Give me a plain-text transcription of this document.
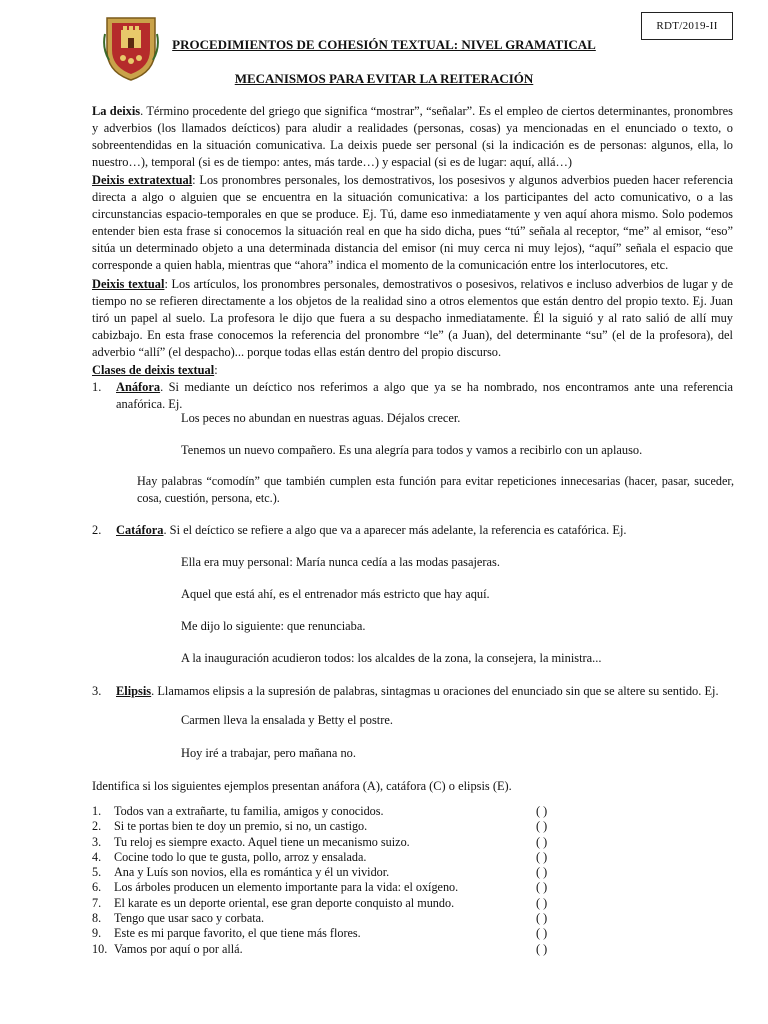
RDT/2019-II
PROCEDIMIENTOS DE COHESIÓN TEXTUAL: NIVEL GRAMATICAL
MECANISMOS PARA EVITAR LA REITERACIÓN
La deixis. Término procedente del griego que significa “mostrar”, “señalar”. Es el empleo de ciertos determinantes, pronombres y adverbios (los llamados deícticos) para aludir a realidades (personas, cosas) ya mencionadas en el enunciado o texto, o sobreentendidas en la situación comunicativa. La deixis puede ser personal (si la indicación es de personas: algunos, ella, lo nuestro…), temporal (si es de tiempo: antes, más tarde…) y espacial (si es de lugar: aquí, allá…)
Deixis extratextual: Los pronombres personales, los demostrativos, los posesivos y algunos adverbios pueden hacer referencia directa a algo o alguien que se encuentra en la situación comunicativa: a los participantes del acto comunicativo, o a las circunstancias espacio-temporales en que se produce. Ej. Tú, dame eso inmediatamente y ven aquí ahora mismo. Solo podemos entender bien esta frase si conocemos la situación real en que ha sido dicha, pues “tú” señala al receptor, “me” al emisor, “eso” sitúa un determinado objeto a una determinada distancia del emisor (ni muy cerca ni muy lejos), “aquí” señala el espacio que corresponde a quien habla, mientras que “ahora” indica el momento de la comunicación entre los interlocutores, etc.
Deixis textual: Los artículos, los pronombres personales, demostrativos o posesivos, relativos e incluso adverbios de lugar y de tiempo no se refieren directamente a los objetos de la realidad sino a otros elementos que están dentro del propio texto. Ej. Juan tiró un papel al suelo. La profesora le dijo que fuera a su despacho inmediatamente. Él la siguió y al rato salió de allí muy cabizbajo. En esta frase conocemos la referencia del pronombre “le” (a Juan), del determinante “su” (el de la profesora), del adverbio “allí” (el despacho)... porque todas ellas están dentro del propio discurso.
Clases de deixis textual:
1. Anáfora. Si mediante un deíctico nos referimos a algo que ya se ha nombrado, nos encontramos ante una referencia anafórica. Ej.
Los peces no abundan en nuestras aguas. Déjalos crecer.
Tenemos un nuevo compañero. Es una alegría para todos y vamos a recibirlo con un aplauso.
Hay palabras “comodín” que también cumplen esta función para evitar repeticiones innecesarias (hacer, pasar, suceder, cosa, cuestión, persona, etc.).
2. Catáfora. Si el deíctico se refiere a algo que va a aparecer más adelante, la referencia es catafórica. Ej.
Ella era muy personal: María nunca cedía a las modas pasajeras.
Aquel que está ahí, es el entrenador más estricto que hay aquí.
Me dijo lo siguiente: que renunciaba.
A la inauguración acudieron todos: los alcaldes de la zona, la consejera, la ministra...
3. Elipsis. Llamamos elipsis a la supresión de palabras, sintagmas u oraciones del enunciado sin que se altere su sentido. Ej.
Carmen lleva la ensalada y Betty el postre.
Hoy iré a trabajar, pero mañana no.
Identifica si los siguientes ejemplos presentan anáfora (A), catáfora (C) o elipsis (E).
1.	Todos van a extrañarte, tu familia, amigos y conocidos.	( )
2.	Si te portas bien te doy un premio, si no, un castigo.	( )
3.	Tu reloj es siempre exacto. Aquel tiene un mecanismo suizo.	( )
4.	Cocine todo lo que te gusta, pollo, arroz y ensalada.	( )
5.	Ana y Luís son novios, ella es romántica y él un vividor.	( )
6.	Los árboles producen un elemento importante para la vida: el oxígeno.	( )
7.	El karate es un deporte oriental, ese gran deporte conquisto al mundo.	( )
8.	Tengo que usar saco y corbata.	( )
9.	Este es mi parque favorito, el que tiene más flores.	( )
10. Vamos por aquí o por allá.	( )
